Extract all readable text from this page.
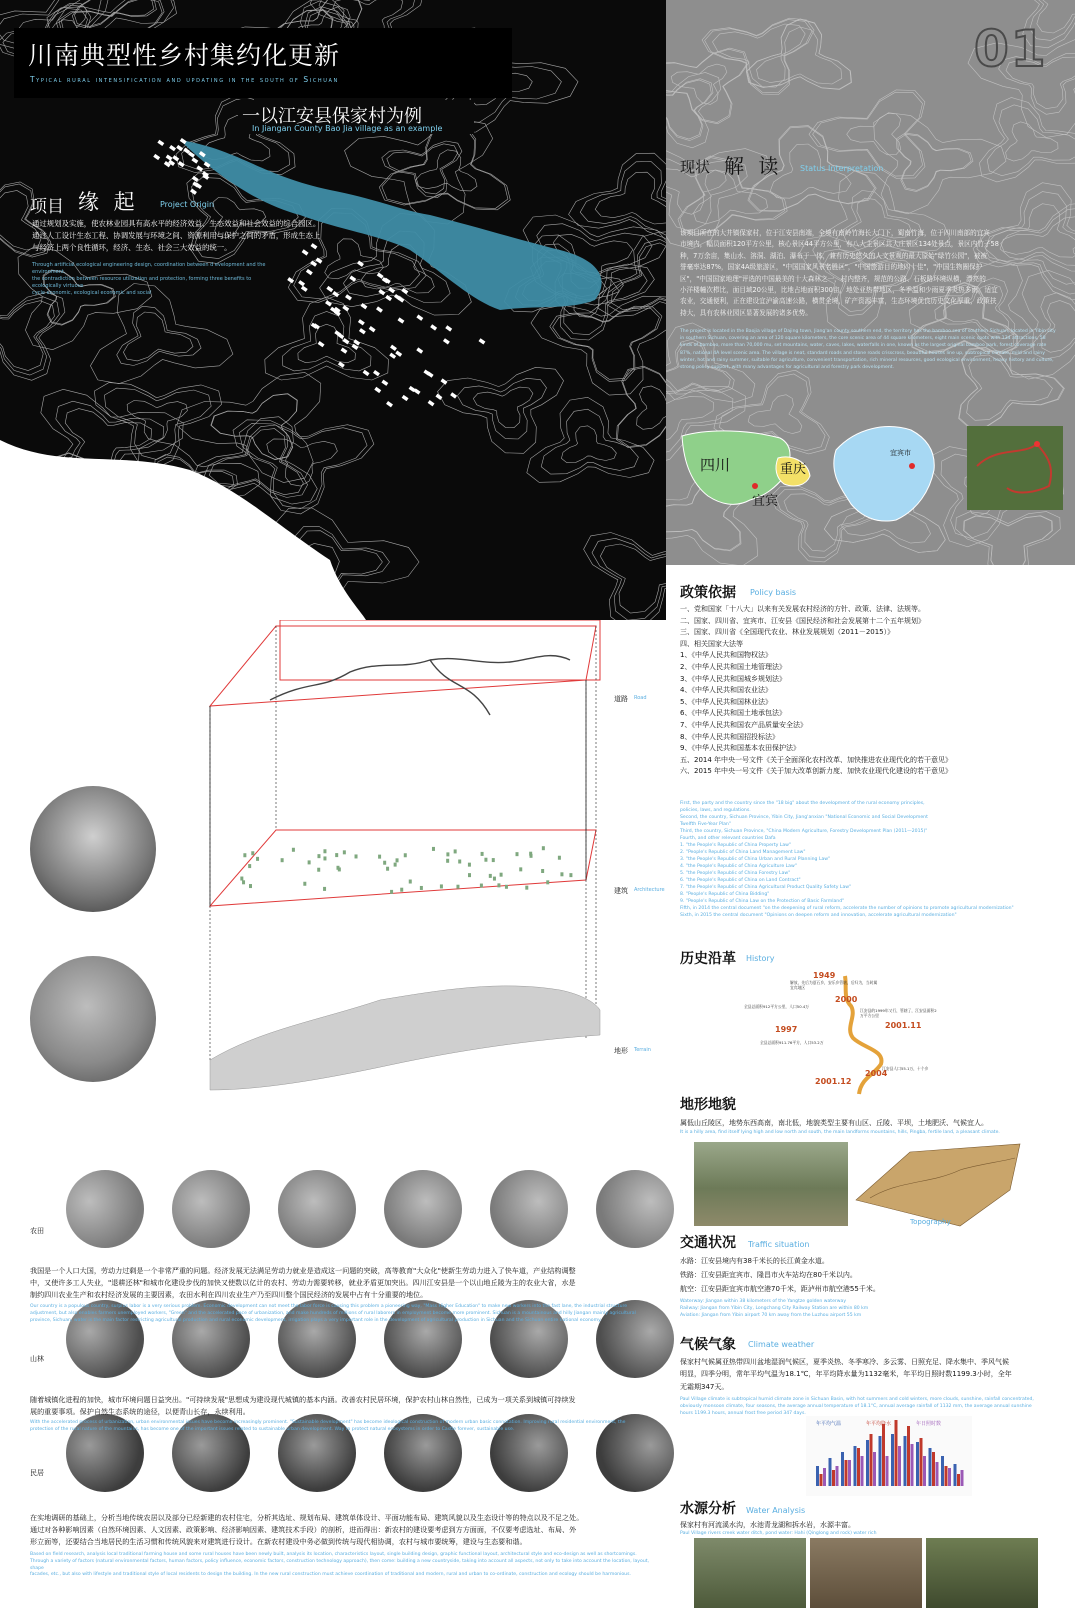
川南典型性乡村集约化更新
Typical rural intensification and updating in the south of Sichuan
一以江安县保家村为例
In Jiangan County Bao Jia village as an example
01
项目 缘 起	Project Origin
通过规划及实施，使农林业园具有高水平的经济效益、生态效益和社会效益的综合园区。
通过人工设计生态工程、协调发展与环境之间、资源利用与保护之间的矛盾，形成生态上
与经济上两个良性循环，经济、生态、社会三大效益的统一。
Through artificial ecological engineering design, coordination between d evelopment and the environment,
the contradiction between resource utilization and protection, forming three benefits to ecologically virtuous
cycle economic, ecological economic and social
现状 解 读 Status Interpretation
该项目所在的大井镇保家村，位于江安县南端，全境有南岭竹海长大门下，蜀南竹海，位于四川南部的宜宾
市境内，幅员面积120平方公里，核心景区44平方公里，有八大主景区共大庄景区134处景点，景区内竹子58
种，7万余亩，集山水、溶洞、湖泊、瀑布于一体，兼有历史悠久的人文景观的最大原始"绿竹公园"，被被
誉毫率达87%，国家4A级旅游区，"中国国家风景名胜区"，"中国旅游目的地四十佳"，"中国生物圈保护
区"，"中国国家地理"评选的中国最美的十大森林之一，村内整齐，规范的公路、石板路环境纵横，漂亮的
小洋楼幢次栉比，面目域20公里，比地占地面积300亩，地处亚热带地区，冬季温和少雨夏季炎热多雨，适宜
农业，交通便利，正在建设宜泸渝高速公路，横贯全境，矿产资源丰富，生态环境优良历史文化厚重，政策扶
持大，具有农林业园区显著发展的诸多优势。
The project is located in the Baojia village of Dajing town, Jiang'an county southern end, the territory has the bamboo sea of southern Sichuan, located in Yibin city in southern Sichuan, covering an area of 120 square kilometers, the core scenic area of 44 square kilometers, eight main scenic spots with 134 attractions, 58 kinds of bamboo, more than 70,000 mu, set mountains, water, caves, lakes, waterfalls in one, known as the largest original bamboo park, forest coverage rate 87%, national 4A level scenic area. The village is neat, standard roads and stone roads crisscross, beautiful houses line up, subtropical climate, mild and rainy winter, hot and rainy summer, suitable for agriculture, convenient transportation, rich mineral resources, good ecological environment, heavy history and culture, strong policy support, with many advantages for agricultural and forestry park development.
四川	重庆
宜宾
宜宾市
道路 Road
建筑 Architecture
地形 Terrain
政策依据 Policy basis
一、党和国家「十八大」以来有关发展农村经济的方针、政策、法律、法规等。
二、国家、四川省、宜宾市、江安县《国民经济和社会发展第十二个五年规划》
三、国家、四川省《全国现代农业、林业发展规划（2011－2015）》
四、相关国家大法等
1、《中华人民共和国物权法》
2、《中华人民共和国土地管理法》
3、《中华人民共和国城乡规划法》
4、《中华人民共和国农业法》
5、《中华人民共和国林业法》
6、《中华人民共和国土地承包法》
7、《中华人民共和国农产品质量安全法》
8、《中华人民共和国招投标法》
9、《中华人民共和国基本农田保护法》
五、2014 年中央一号文件《关于全面深化农村改革、加快推进农业现代化的若干意见》
六、2015 年中央一号文件《关于加大改革创新力度、加快农业现代化建设的若干意见》
First, the party and the country since the "18 big" about the development of the rural economy principles,
policies, laws, and regulations.
Second, the country, Sichuan Province, Yibin City, Jiang'anxian "National Economic and Social Development
Twelfth Five-Year Plan"
Third, the country, Sichuan Province, "China Modern Agriculture, Forestry Development Plan (2011—2015)"
Fourth, and other relevant countries Dafa
1. "the People's Republic of China Property Law"
2. "People's Republic of China Land Management Law"
3. "the People's Republic of China Urban and Rural Planning Law"
4. "the People's Republic of China Agriculture Law"
5. "the People's Republic of China Forestry Law"
6. "the People's Republic of China on Land Contract"
7. "the People's Republic of China Agricultural Product Quality Safety Law"
8. "People's Republic of China Bidding"
9. "People's Republic of China Law on the Protection of Basic Farmland"
Fifth, in 2014 the central document "on the deepening of rural reform, accelerate the number of opinions to promote agricultural modernization"
Sixth, in 2015 the central document "Opinions on deepen reform and innovation, accelerate agricultural modernization"
历史沿革 History
1949
2000
1997	2001.11
2001.12
2004
解放，先后为夏石乡，安乐乡管辖，后归为，当时属宜宾地区
全县总面积912平方公里，人口50.4万
江安县的1999年又行，管辖了，江安县面积2万平方公里
全县总面积911.76平方，人口53.2万
江安县人口55.1万，十个乡
地形地貌
属低山丘陵区，地势东西高南，南北低，地貌类型主要有山区、丘陵、平坝，土地肥沃、气候宜人。
It is a hilly area, find itself lying high and low north and south, the main landforms mountains, hills, Pingba, fertile land, a pleasant climate.
Topography
交通状况 Traffic situation
水路：江安县境内有38千米长的长江黄金水道。
铁路：江安县距宜宾市、隆昌市火车站均在80千米以内。
航空：江安县距宜宾市航空港70千米，距泸州市航空港55千米。
Waterway: Jiangan within 38 kilometers of the Yangtze golden waterway
Railway: Jiangan from Yibin City, Longchang City Railway Station are within 80 km
Aviation: Jiangan from Yibin airport 70 km away from the Luzhou airport 55 km
气候气象 Climate weather
保家村气候属亚热带四川盆地湿润气候区，夏季炎热、冬季寒冷、多云雾、日照充足、降水集中、季风气候
明显，四季分明，常年平均气温为18.1℃，年平均降水量为1132毫米，年平均日照时数1199.3小时，全年
无霜期347天。
Paul Village climate is subtropical humid climate zone in Sichuan Basin, with hot summers and cold winters, more clouds, sunshine, rainfall concentrated,
obviously monsoon climate, four seasons, the average annual temperature of 18.1°C, annual average rainfall of 1132 mm, the average annual sunshine
hours 1199.3 hours, annual frost free period 347 days.
年平均气温	年平均降水	年日照时数
水源分析 Water Analysis
保家村有河流溪水沟，水池青龙湖和拆水岩，水源丰富。
Paul Village rivers creek water ditch, pond water: Hahi (Qinglong and rock) water rich
农田
山林
民居
我国是一个人口大国，劳动力过剩是一个非常严重的问题。经济发展无法满足劳动力就业是造成这一问题的突破，高等教育"大众化"使新生劳动力进入了快车道，产业结构调整
中，又使许多工人失业，"退耕还林"和城市化建设步伐的加快又使数以亿计的农村、劳动力需要转移，就业矛盾更加突出。四川江安县是一个以山地丘陵为主的农业大省，水是
制约四川农业生产和农村经济发展的主要因素，农田水利在四川农业生产乃至四川整个国民经济的发展中占有十分重要的地位。
Our country is a populous country, surplus labor is a very serious problem. Economic development can not meet the labor force is causing this problem a pioneering way, "Mass Higher Education" to make new workers into the fast lane, the industrial structure
adjustment, but also enables farmers unemployed workers, "Green" and the accelerated pace of urbanization, and make hundreds of millions of rural laborers in employment become more prominent. Sichuan is a mountainous and hilly Jiangan mainly agricultural
province, Sichuan, water is the main factor restricting agricultural production and rural economic development, irrigation plays a very important role in the development of agricultural production in Sichuan and the Sichuan entire national economy.
随着城镇化进程的加快，城市环境问题日益突出。"可持续发展"思想成为建设现代城镇的基本内涵。改善农村民居环境，保护农村山林自然性，已成为一项关系到城镇可持续发
展的重要事项。保护自然生态系统的途径，以便青山长存，永续利用。
With the accelerated process of urbanization, urban environmental issues have become increasingly prominent. "Sustainable development" has become ideological construction of modern urban basic connotation. Improving rural residential environment, the
protection of the rural nature of the mountains, has become one of the important issues related to sustainable urban development. Way to protect natural ecosystems in order to Castle forever, sustainable use.
在实地调研的基础上，分析当地传统农居以及部分已经新建的农村住宅，分析其选址、规划布局、建筑单体设计、平面功能布局、建筑风貌以及生态设计等的特点以及不足之处。
通过对各种影响因素（自然环境因素、人文因素、政策影响、经济影响因素、建筑技术手段）的剖析，进而得出：新农村的建设要考虑到方方面面，不仅要考虑选址、布局、外
形立面等，还要结合当地居民的生活习惯和传统风貌来对建筑进行设计。在新农村建设中务必做到传统与现代相协调，农村与城市要统筹，建设与生态要和谐。
Based on field research, analysis local traditional farming house and some rural houses have been newly built, analysis its location, characteristics layout, single building design, graphic functional layout, architectural style and eco-design as well as shortcomings.
Through a variety of factors (natural environmental factors, human factors, policy influence, economic factors, construction technology approach), then come: building a new countryside, taking into account all aspects, not only to take into account the location, layout, shape
facades, etc., but also with lifestyle and traditional style of local residents to design the building. In the new rural construction must achieve coordination of traditional and modern, rural and urban to co-ordinate, construction and ecology should be harmonious.
